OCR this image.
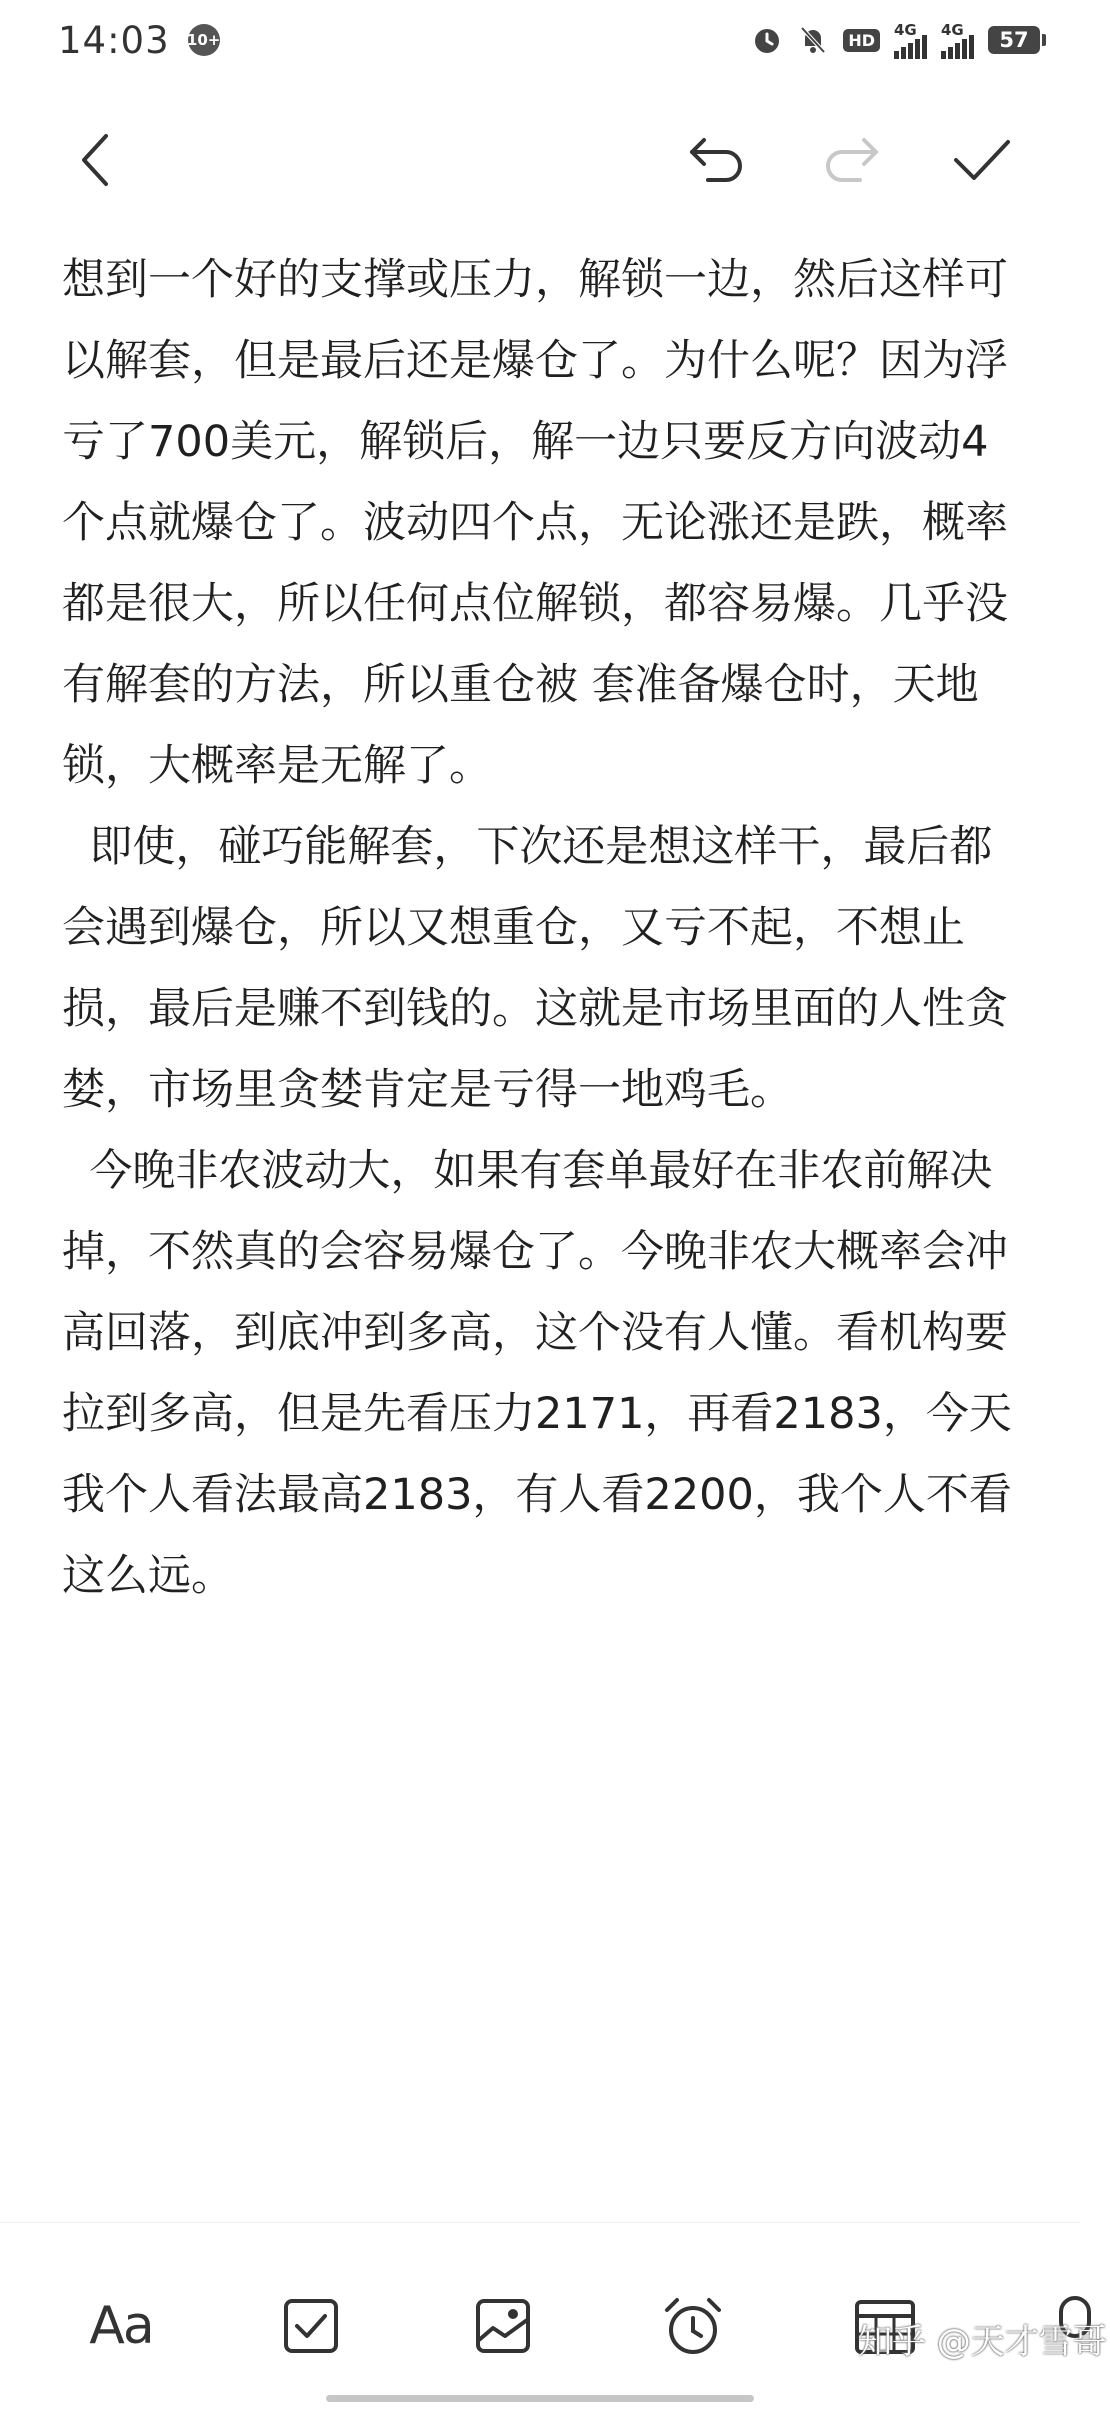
14:03 10+	HD
4G 4G	57

想到一个好的支撑或压力，解锁一边，然后这样可以解套，但是最后还是爆仓了。为什么呢？因为浮亏了700美元，解锁后，解一边只要反方向波动4个点就爆仓了。波动四个点，无论涨还是跌，概率都是很大，所以任何点位解锁，都容易爆。几乎没有解套的方法，所以重仓被 套准备爆仓时，天地锁，大概率是无解了。

即使，碰巧能解套，下次还是想这样干，最后都会遇到爆仓，所以又想重仓，又亏不起，不想止损，最后是赚不到钱的。这就是市场里面的人性贪婪，市场里贪婪肯定是亏得一地鸡毛。

今晚非农波动大，如果有套单最好在非农前解决掉，不然真的会容易爆仓了。今晚非农大概率会冲高回落，到底冲到多高，这个没有人懂。看机构要拉到多高，但是先看压力2171，再看2183，今天我个人看法最高2183，有人看2200，我个人不看这么远。

Aa	知乎 @天才雪哥
